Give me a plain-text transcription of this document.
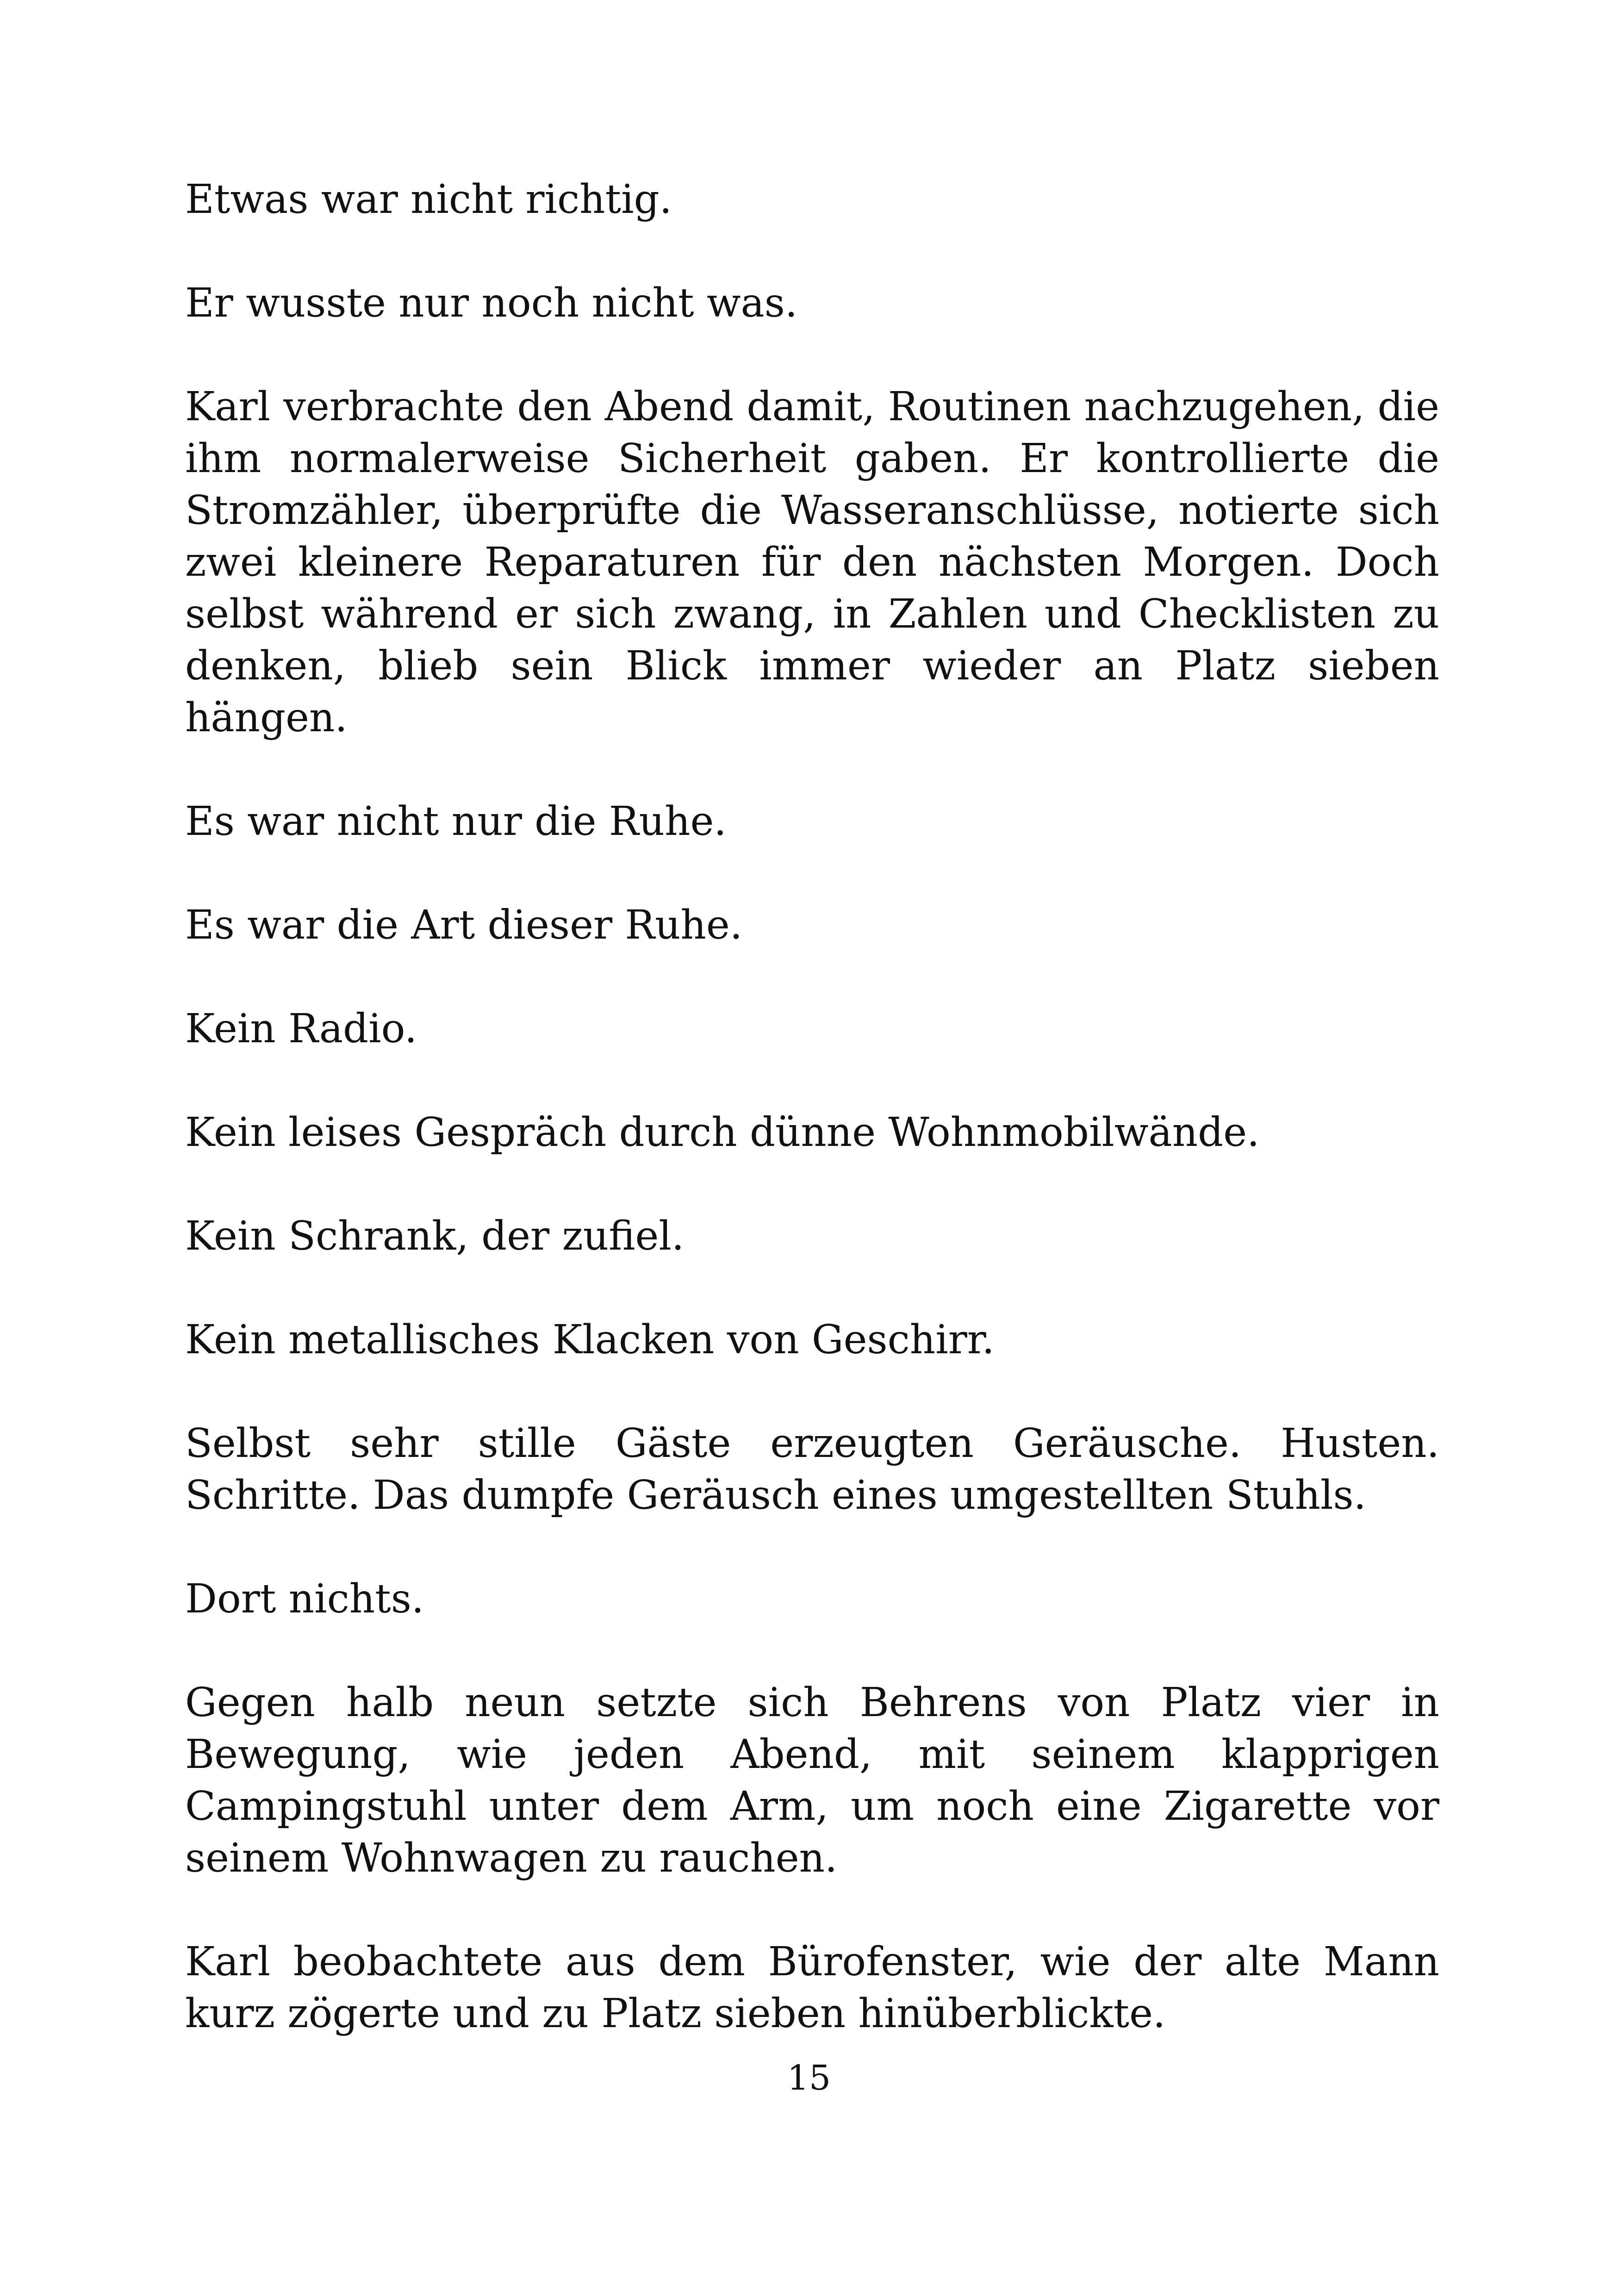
Etwas war nicht richtig.

Er wusste nur noch nicht was.

Karl verbrachte den Abend damit, Routinen nachzugehen, die ihm normalerweise Sicherheit gaben. Er kontrollierte die Stromzähler, überprüfte die Wasseranschlüsse, notierte sich zwei kleinere Reparaturen für den nächsten Morgen. Doch selbst während er sich zwang, in Zahlen und Checklisten zu denken, blieb sein Blick immer wieder an Platz sieben hängen.

Es war nicht nur die Ruhe.

Es war die Art dieser Ruhe.

Kein Radio.

Kein leises Gespräch durch dünne Wohnmobilwände.

Kein Schrank, der zufiel.

Kein metallisches Klacken von Geschirr.

Selbst sehr stille Gäste erzeugten Geräusche. Husten. Schritte. Das dumpfe Geräusch eines umgestellten Stuhls.

Dort nichts.

Gegen halb neun setzte sich Behrens von Platz vier in Bewegung, wie jeden Abend, mit seinem klapprigen Campingstuhl unter dem Arm, um noch eine Zigarette vor seinem Wohnwagen zu rauchen.

Karl beobachtete aus dem Bürofenster, wie der alte Mann kurz zögerte und zu Platz sieben hinüberblickte.

15
